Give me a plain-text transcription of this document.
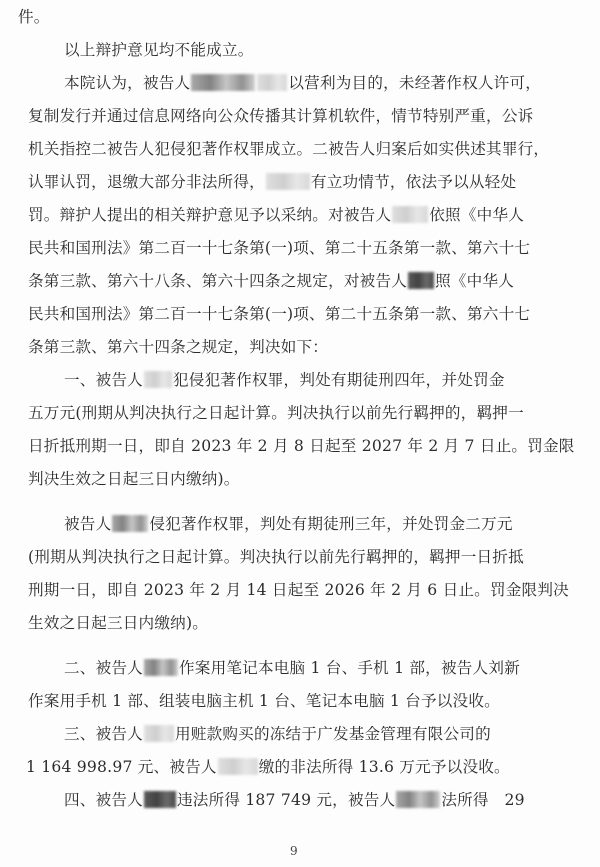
件。
以上辩护意见均不能成立。
本院认为，被告人	以营利为目的，未经著作权人许可，
复制发行并通过信息网络向公众传播其计算机软件，情节特别严重，公诉
机关指控二被告人犯侵犯著作权罪成立。二被告人归案后如实供述其罪行，
认罪认罚，退缴大部分非法所得，	有立功情节，依法予以从轻处
罚。辩护人提出的相关辩护意见予以采纳。对被告人 依照《中华人
民共和国刑法》第二百一十七条第(一)项、第二十五条第一款、第六十七
条第三款、第六十八条、第六十四条之规定，对被告人 照《中华人
民共和国刑法》第二百一十七条第(一)项、第二十五条第一款、第六十七
条第三款、第六十四条之规定，判决如下：
一、被告人 犯侵犯著作权罪，判处有期徒刑四年，并处罚金
五万元(刑期从判决执行之日起计算。判决执行以前先行羁押的，羁押一
日折抵刑期一日，即自 2023 年 2 月 8 日起至 2027 年 2 月 7 日止。罚金限
判决生效之日起三日内缴纳)。
被告人 侵犯著作权罪，判处有期徒刑三年，并处罚金二万元
(刑期从判决执行之日起计算。判决执行以前先行羁押的，羁押一日折抵
刑期一日，即自 2023 年 2 月 14 日起至 2026 年 2 月 6 日止。罚金限判决
生效之日起三日内缴纳)。
二、被告人 作案用笔记本电脑 1 台、手机 1 部，被告人刘新
作案用手机 1 部、组装电脑主机 1 台、笔记本电脑 1 台予以没收。
三、被告人 用赃款购买的冻结于广发基金管理有限公司的
1 164 998.97 元、被告人	缴的非法所得 13.6 万元予以没收。
四、被告人 违法所得 187 749 元，被告人	法所得　29
9
